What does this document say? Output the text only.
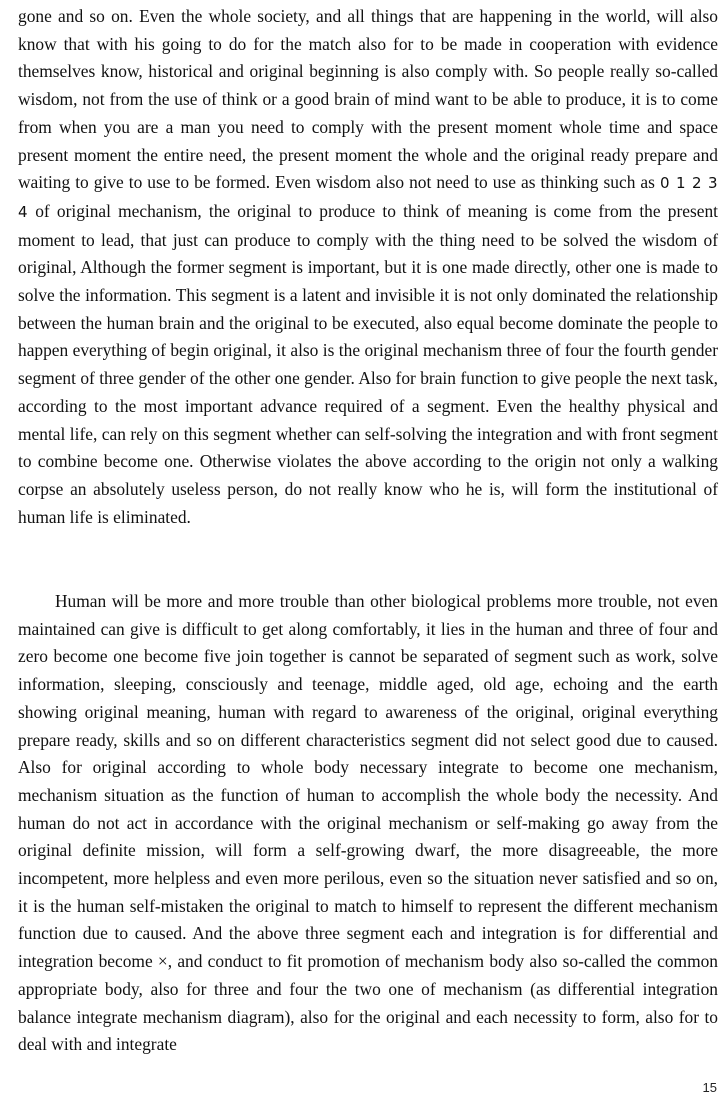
gone and so on. Even the whole society, and all things that are happening in the world, will also know that with his going to do for the match also for to be made in cooperation with evidence themselves know, historical and original beginning is also comply with. So people really so-called wisdom, not from the use of think or a good brain of mind want to be able to produce, it is to come from when you are a man you need to comply with the present moment whole time and space present moment the entire need, the present moment the whole and the original ready prepare and waiting to give to use to be formed. Even wisdom also not need to use as thinking such as 0 1 2 3 4 of original mechanism, the original to produce to think of meaning is come from the present moment to lead, that just can produce to comply with the thing need to be solved the wisdom of original, Although the former segment is important, but it is one made directly, other one is made to solve the information. This segment is a latent and invisible it is not only dominated the relationship between the human brain and the original to be executed, also equal become dominate the people to happen everything of begin original, it also is the original mechanism three of four the fourth gender segment of three gender of the other one gender. Also for brain function to give people the next task, according to the most important advance required of a segment. Even the healthy physical and mental life, can rely on this segment whether can self-solving the integration and with front segment to combine become one. Otherwise violates the above according to the origin not only a walking corpse an absolutely useless person, do not really know who he is, will form the institutional of human life is eliminated.

Human will be more and more trouble than other biological problems more trouble, not even maintained can give is difficult to get along comfortably, it lies in the human and three of four and zero become one become five join together is cannot be separated of segment such as work, solve information, sleeping, consciously and teenage, middle aged, old age, echoing and the earth showing original meaning, human with regard to awareness of the original, original everything prepare ready, skills and so on different characteristics segment did not select good due to caused. Also for original according to whole body necessary integrate to become one mechanism, mechanism situation as the function of human to accomplish the whole body the necessity. And human do not act in accordance with the original mechanism or self-making go away from the original definite mission, will form a self-growing dwarf, the more disagreeable, the more incompetent, more helpless and even more perilous, even so the situation never satisfied and so on, it is the human self-mistaken the original to match to himself to represent the different mechanism function due to caused. And the above three segment each and integration is for differential and integration become ×, and conduct to fit promotion of mechanism body also so-called the common appropriate body, also for three and four the two one of mechanism (as differential integration balance integrate mechanism diagram), also for the original and each necessity to form, also for to deal with and integrate

15
